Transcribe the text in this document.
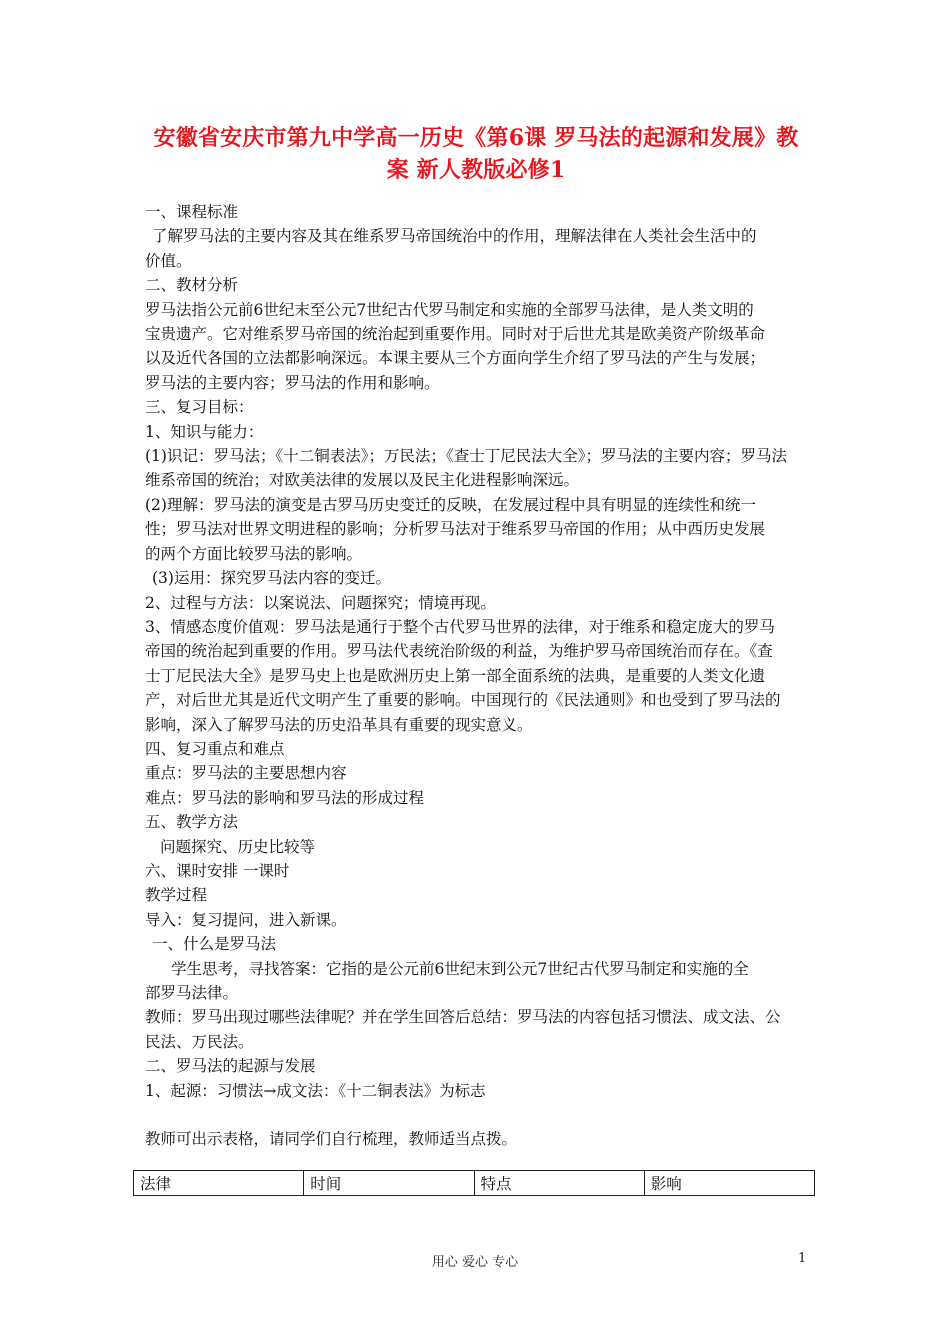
安徽省安庆市第九中学高一历史《第6课 罗马法的起源和发展》教案 新人教版必修1

一、课程标准

了解罗马法的主要内容及其在维系罗马帝国统治中的作用，理解法律在人类社会生活中的

价值。

二、教材分析

罗马法指公元前6世纪末至公元7世纪古代罗马制定和实施的全部罗马法律，是人类文明的

宝贵遗产。它对维系罗马帝国的统治起到重要作用。同时对于后世尤其是欧美资产阶级革命

以及近代各国的立法都影响深远。本课主要从三个方面向学生介绍了罗马法的产生与发展；

罗马法的主要内容；罗马法的作用和影响。

三、复习目标：

1、知识与能力：

(1)识记：罗马法；《十二铜表法》；万民法；《查士丁尼民法大全》；罗马法的主要内容；罗马法

维系帝国的统治；对欧美法律的发展以及民主化进程影响深远。

(2)理解：罗马法的演变是古罗马历史变迁的反映，在发展过程中具有明显的连续性和统一

性；罗马法对世界文明进程的影响；分析罗马法对于维系罗马帝国的作用；从中西历史发展

的两个方面比较罗马法的影响。

(3)运用：探究罗马法内容的变迁。

2、过程与方法：以案说法、问题探究；情境再现。

3、情感态度价值观：罗马法是通行于整个古代罗马世界的法律，对于维系和稳定庞大的罗马

帝国的统治起到重要的作用。罗马法代表统治阶级的利益，为维护罗马帝国统治而存在。《查

士丁尼民法大全》是罗马史上也是欧洲历史上第一部全面系统的法典，是重要的人类文化遗

产，对后世尤其是近代文明产生了重要的影响。中国现行的《民法通则》和也受到了罗马法的

影响，深入了解罗马法的历史沿革具有重要的现实意义。

四、复习重点和难点

重点：罗马法的主要思想内容

难点：罗马法的影响和罗马法的形成过程

五、教学方法

问题探究、历史比较等

六、课时安排 一课时

教学过程

导入：复习提问，进入新课。

一、什么是罗马法

学生思考，寻找答案：它指的是公元前6世纪末到公元7世纪古代罗马制定和实施的全

部罗马法律。

教师：罗马出现过哪些法律呢？并在学生回答后总结：罗马法的内容包括习惯法、成文法、公

民法、万民法。

二、罗马法的起源与发展

1、起源：习惯法→成文法：《十二铜表法》为标志

教师可出示表格，请同学们自行梳理，教师适当点拨。

法律	时间	特点	影响
用心 爱心 专心	1
